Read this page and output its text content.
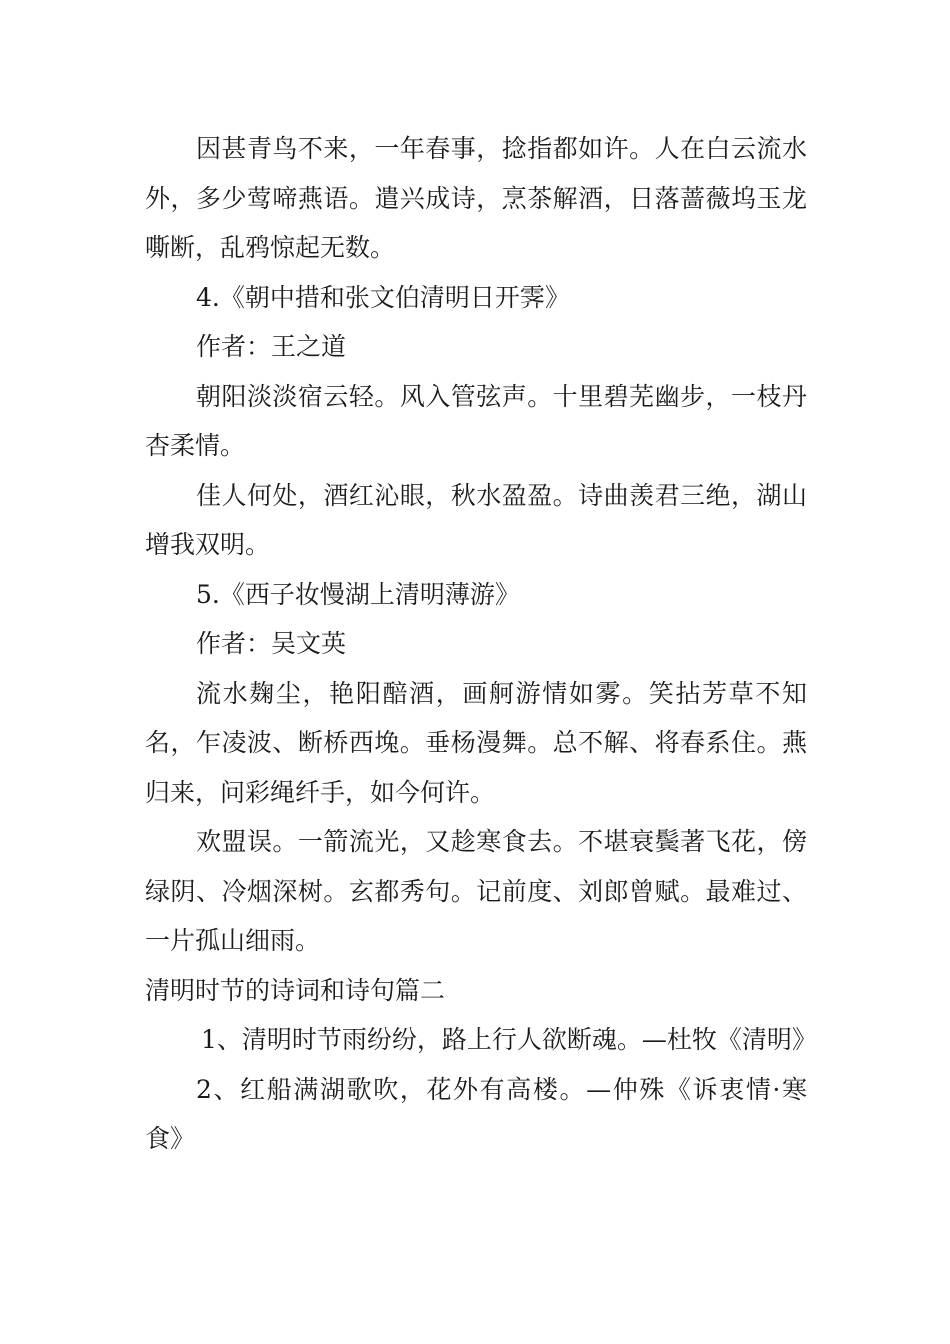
因甚青鸟不来，一年春事，捻指都如许。人在白云流水外，多少莺啼燕语。遣兴成诗，烹茶解酒，日落蔷薇坞玉龙嘶断，乱鸦惊起无数。

4.《朝中措和张文伯清明日开霁》

作者：王之道

朝阳淡淡宿云轻。风入管弦声。十里碧芜幽步，一枝丹杏柔情。

佳人何处，酒红沁眼，秋水盈盈。诗曲羡君三绝，湖山增我双明。

5.《西子妆慢湖上清明薄游》

作者：吴文英

流水麹尘，艳阳醅酒，画舸游情如雾。笑拈芳草不知名，乍凌波、断桥西堍。垂杨漫舞。总不解、将春系住。燕归来，问彩绳纤手，如今何许。

欢盟误。一箭流光，又趁寒食去。不堪衰鬓著飞花，傍绿阴、冷烟深树。玄都秀句。记前度、刘郎曾赋。最难过、一片孤山细雨。

清明时节的诗词和诗句篇二

1、清明时节雨纷纷，路上行人欲断魂。—杜牧《清明》

2、红船满湖歌吹，花外有高楼。—仲殊《诉衷情·寒食》
